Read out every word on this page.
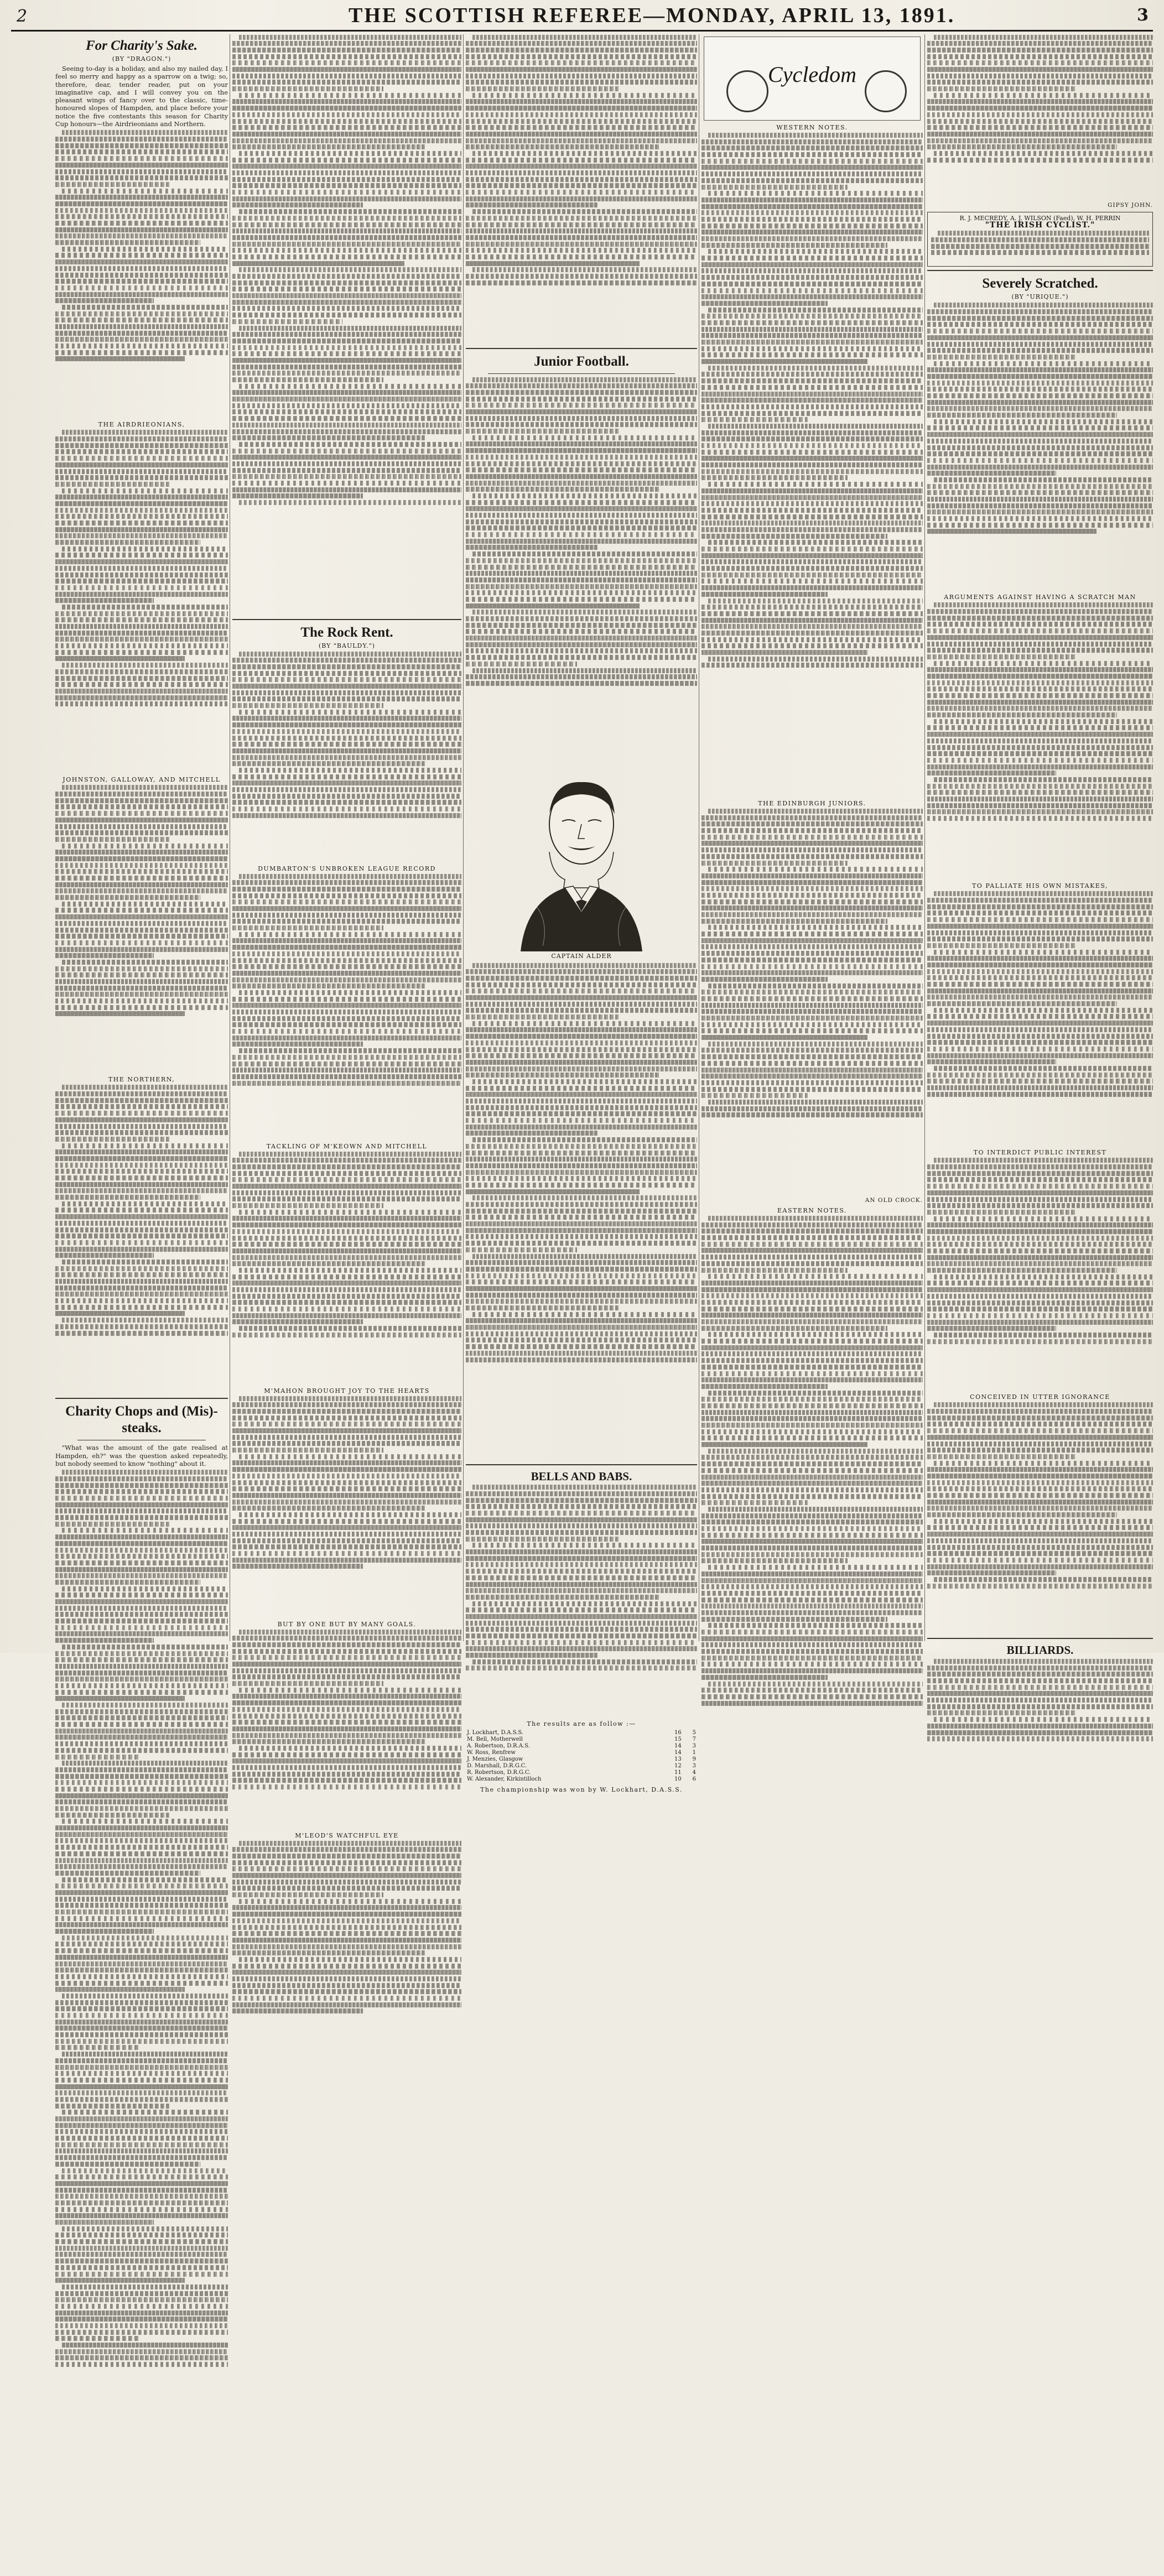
2	THE SCOTTISH REFEREE—MONDAY, APRIL 13, 1891.	3
For Charity's Sake.
(BY "DRAGON.")

Seeing to-day is a holiday, and also my nailed day, I feel so merry and happy as a sparrow on a twig; so, therefore, dear, tender reader, put on your imaginative cap, and I will convey you on the pleasant wings of fancy over to the classic, time-honoured slopes of Hampden, and place before your notice the five contestants this season for Charity Cup honours—the Airdrieonians and Northern.

THE AIRDRIEONIANS,
JOHNSTON, GALLOWAY, AND MITCHELL
THE NORTHERN,
Charity Chops and (Mis)-steaks.

"What was the amount of the gate realised at Hampden, eh?" was the question asked repeatedly, but nobody seemed to know "nothing" about it.

The Rock Rent.
(BY "BAULDY.")
DUMBARTON'S UNBROKEN LEAGUE RECORD
TACKLING OF M'KEOWN AND MITCHELL
M'MAHON BROUGHT JOY TO THE HEARTS
BUT BY ONE BUT BY MANY GOALS.
M'LEOD'S WATCHFUL EYE
Junior Football.
CAPTAIN ALDER
BELLS AND BABS.
The results are as follow :—
J. Lockhart, D.A.S.S.	16	5
M. Bell, Motherwell	15	7
A. Robertson, D.R.A.S.	14	3
W. Ross, Renfrew	14	1
J. Menzies, Glasgow	13	9
D. Marshall, D.R.G.C.	12	3
R. Robertson, D.R.G.C.	11	4
W. Alexander, Kirkintilloch	10	6
The championship was won by W. Lockhart, D.A.S.S.
Cycledom
WESTERN NOTES.
THE EDINBURGH JUNIORS.
AN OLD CROCK.
EASTERN NOTES.
GIPSY JOHN.
R. J. MECREDY, A. J. WILSON (Faed), W. H. PERRIN
"THE IRISH CYCLIST."
Severely Scratched.
(BY "URIQUE.")
ARGUMENTS AGAINST HAVING A SCRATCH MAN
TO PALLIATE HIS OWN MISTAKES,
TO INTERDICT PUBLIC INTEREST
CONCEIVED IN UTTER IGNORANCE
BILLIARDS.
